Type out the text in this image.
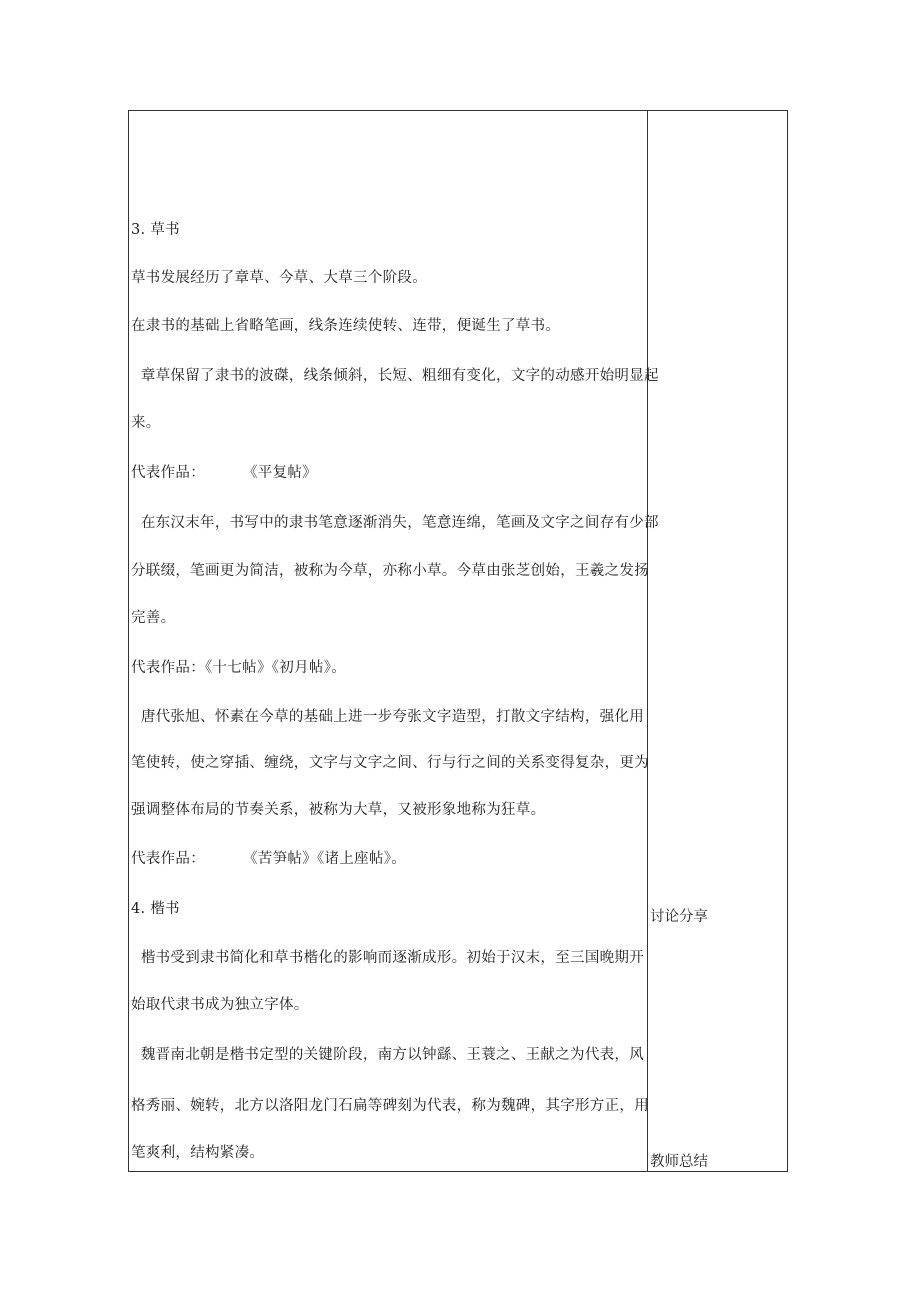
3. 草书
草书发展经历了章草、今草、大草三个阶段。
在隶书的基础上省略笔画，线条连续使转、连带，便诞生了草书。
章草保留了隶书的波磔，线条倾斜，长短、粗细有变化，文字的动感开始明显起
来。
代表作品：	《平复帖》
在东汉末年，书写中的隶书笔意逐渐消失，笔意连绵，笔画及文字之间存有少部
分联缀，笔画更为简洁，被称为今草，亦称小草。今草由张芝创始，王羲之发扬
完善。
代表作品：《十七帖》《初月帖》。
唐代张旭、怀素在今草的基础上进一步夸张文字造型，打散文字结构，强化用
笔使转，使之穿插、缠绕，文字与文字之间、行与行之间的关系变得复杂，更为
强调整体布局的节奏关系，被称为大草，又被形象地称为狂草。
代表作品：	《苦笋帖》《诸上座帖》。
4. 楷书
楷书受到隶书简化和草书楷化的影响而逐渐成形。初始于汉末，至三国晚期开
始取代隶书成为独立字体。
魏晋南北朝是楷书定型的关键阶段，南方以钟繇、王蓑之、王献之为代表，风
格秀丽、婉转，北方以洛阳龙门石扁等碑刻为代表，称为魏碑，其字形方正，用
笔爽利，结构紧凑。
讨论分享
教师总结
